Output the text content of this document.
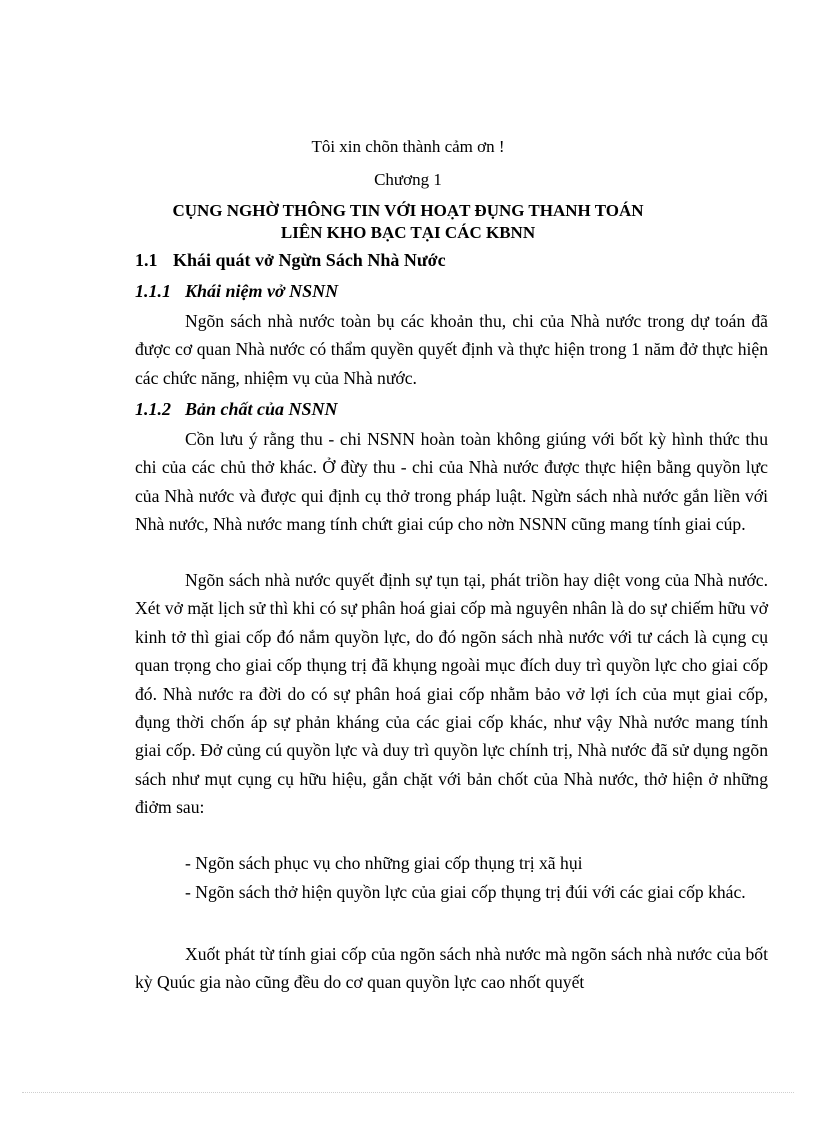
Tôi xin chõn thành cảm ơn !
Chương 1
CỤNG NGHỜ THÔNG TIN VỚI HOẠT ĐỤNG THANH TOÁN
LIÊN KHO BẠC TẠI CÁC KBNN
1.1 Khái quát vở Ngừn Sách Nhà Nước
1.1.1 Khái niệm vở NSNN

Ngõn sách nhà nước toàn bụ các khoản thu, chi của Nhà nước trong dự toán đã được cơ quan Nhà nước có thẩm quyền quyết định và thực hiện trong 1 năm đở thực hiện các chức năng, nhiệm vụ của Nhà nước.

1.1.2 Bản chất của NSNN

Cồn lưu ý rằng thu - chi NSNN hoàn toàn không giúng với bốt kỳ hình thức thu chi của các chủ thở khác. Ở đừy thu - chi của Nhà nước được thực hiện bằng quyồn lực của Nhà nước và được qui định cụ thở trong pháp luật. Ngừn sách nhà nước gắn liền với Nhà nước, Nhà nước mang tính chứt giai cúp cho nờn NSNN cũng mang tính giai cúp.

Ngõn sách nhà nước quyết định sự tụn tại, phát triồn hay diệt vong của Nhà nước. Xét vở mặt lịch sử thì khi có sự phân hoá giai cốp mà nguyên nhân là do sự chiếm hữu vở kinh tở thì giai cốp đó nắm quyồn lực, do đó ngõn sách nhà nước với tư cách là cụng cụ quan trọng cho giai cốp thụng trị đã khụng ngoài mục đích duy trì quyồn lực cho giai cốp đó. Nhà nước ra đời do có sự phân hoá giai cốp nhằm bảo vở lợi ích của mụt giai cốp, đụng thời chốn áp sự phản kháng của các giai cốp khác, như vậy Nhà nước mang tính giai cốp. Đở củng cú quyồn lực và duy trì quyồn lực chính trị, Nhà nước đã sử dụng ngõn sách như mụt cụng cụ hữu hiệu, gắn chặt với bản chốt của Nhà nước, thở hiện ở những điởm sau:

- Ngõn sách phục vụ cho những giai cốp thụng trị xã hụi

- Ngõn sách thở hiện quyồn lực của giai cốp thụng trị đúi với các giai cốp khác.

Xuốt phát từ tính giai cốp của ngõn sách nhà nước mà ngõn sách nhà nước của bốt kỳ Quúc gia nào cũng đều do cơ quan quyồn lực cao nhốt quyết
